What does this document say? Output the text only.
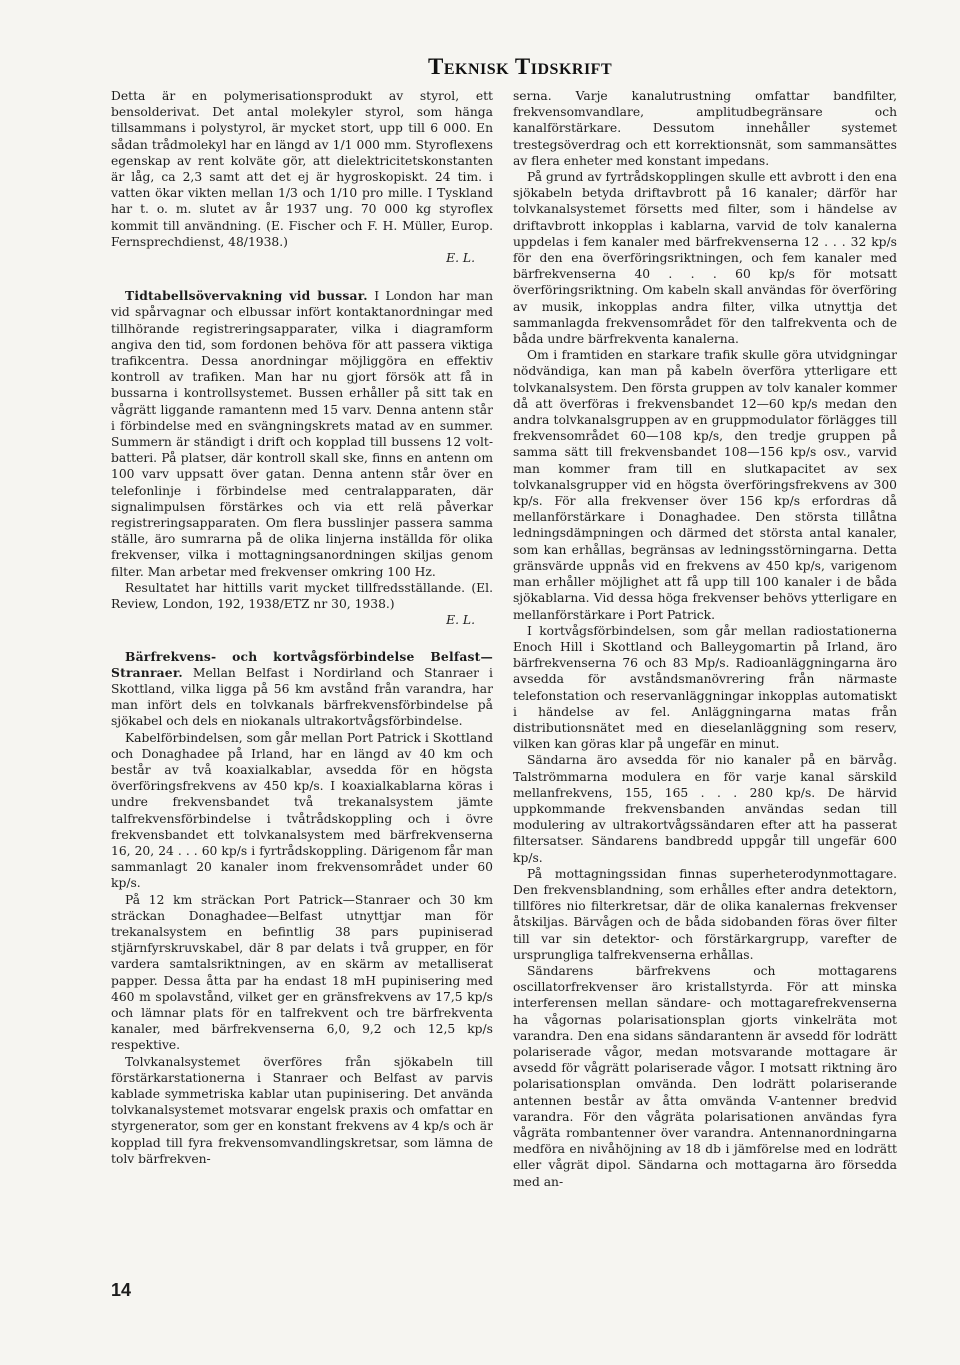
Teknisk Tidskrift

Detta är en polymerisationsprodukt av styrol, ett bensolderivat. Det antal molekyler styrol, som hänga tillsammans i polystyrol, är mycket stort, upp till 6 000. En sådan trådmolekyl har en längd av 1/1 000 mm. Styroflexens egenskap av rent kolväte gör, att dielektricitetskonstanten är låg, ca 2,3 samt att det ej är hygroskopiskt. 24 tim. i vatten ökar vikten mellan 1/3 och 1/10 pro mille. I Tyskland har t. o. m. slutet av år 1937 ung. 70 000 kg styroflex kommit till användning. (E. Fischer och F. H. Müller, Europ. Fernsprechdienst, 48/1938.)

E. L.

Tidtabellsövervakning vid bussar. I London har man vid spårvagnar och elbussar infört kontaktanordningar med tillhörande registreringsapparater, vilka i diagramform angiva den tid, som fordonen behöva för att passera viktiga trafikcentra. Dessa anordningar möjliggöra en effektiv kontroll av trafiken. Man har nu gjort försök att få in bussarna i kontrollsystemet. Bussen erhåller på sitt tak en vågrätt liggande ramantenn med 15 varv. Denna antenn står i förbindelse med en svängningskrets matad av en summer. Summern är ständigt i drift och kopplad till bussens 12 volt-batteri. På platser, där kontroll skall ske, finns en antenn om 100 varv uppsatt över gatan. Denna antenn står över en telefonlinje i förbindelse med centralapparaten, där signalimpulsen förstärkes och via ett relä påverkar registreringsapparaten. Om flera busslinjer passera samma ställe, äro sumrarna på de olika linjerna inställda för olika frekvenser, vilka i mottagningsanordningen skiljas genom filter. Man arbetar med frekvenser omkring 100 Hz.

Resultatet har hittills varit mycket tillfredsställande. (El. Review, London, 192, 1938/ETZ nr 30, 1938.)

E. L.

Bärfrekvens- och kortvågsförbindelse Belfast—Stranraer. Mellan Belfast i Nordirland och Stanraer i Skottland, vilka ligga på 56 km avstånd från varandra, har man infört dels en tolvkanals bärfrekvensförbindelse på sjökabel och dels en niokanals ultrakortvågsförbindelse.

Kabelförbindelsen, som går mellan Port Patrick i Skottland och Donaghadee på Irland, har en längd av 40 km och består av två koaxialkablar, avsedda för en högsta överföringsfrekvens av 450 kp/s. I koaxialkablarna köras i undre frekvensbandet två trekanalsystem jämte talfrekvensförbindelse i tvåtrådskoppling och i övre frekvensbandet ett tolvkanalsystem med bärfrekvenserna 16, 20, 24 . . . 60 kp/s i fyrtrådskoppling. Därigenom får man sammanlagt 20 kanaler inom frekvensområdet under 60 kp/s.

På 12 km sträckan Port Patrick—Stanraer och 30 km sträckan Donaghadee—Belfast utnyttjar man för trekanalsystem en befintlig 38 pars pupiniserad stjärnfyrskruvskabel, där 8 par delats i två grupper, en för vardera samtalsriktningen, av en skärm av metalliserat papper. Dessa åtta par ha endast 18 mH pupinisering med 460 m spolavstånd, vilket ger en gränsfrekvens av 17,5 kp/s och lämnar plats för en talfrekvent och tre bärfrekventa kanaler, med bärfrekvenserna 6,0, 9,2 och 12,5 kp/s respektive.

Tolvkanalsystemet överföres från sjökabeln till förstärkarstationerna i Stanraer och Belfast av parvis kablade symmetriska kablar utan pupinisering. Det använda tolvkanalsystemet motsvarar engelsk praxis och omfattar en styrgenerator, som ger en konstant frekvens av 4 kp/s och är kopplad till fyra frekvensomvandlingskretsar, som lämna de tolv bärfrekven-

serna. Varje kanalutrustning omfattar bandfilter, frekvensomvandlare, amplitudbegränsare och kanalförstärkare. Dessutom innehåller systemet trestegsöverdrag och ett korrektionsnät, som sammansättes av flera enheter med konstant impedans.

På grund av fyrtrådskopplingen skulle ett avbrott i den ena sjökabeln betyda driftavbrott på 16 kanaler; därför har tolvkanalsystemet försetts med filter, som i händelse av driftavbrott inkopplas i kablarna, varvid de tolv kanalerna uppdelas i fem kanaler med bärfrekvenserna 12 . . . 32 kp/s för den ena överföringsriktningen, och fem kanaler med bärfrekvenserna 40 . . . 60 kp/s för motsatt överföringsriktning. Om kabeln skall användas för överföring av musik, inkopplas andra filter, vilka utnyttja det sammanlagda frekvensområdet för den talfrekventa och de båda undre bärfrekventa kanalerna.

Om i framtiden en starkare trafik skulle göra utvidgningar nödvändiga, kan man på kabeln överföra ytterligare ett tolvkanalsystem. Den första gruppen av tolv kanaler kommer då att överföras i frekvensbandet 12—60 kp/s medan den andra tolvkanalsgruppen av en gruppmodulator förlägges till frekvensområdet 60—108 kp/s, den tredje gruppen på samma sätt till frekvensbandet 108—156 kp/s osv., varvid man kommer fram till en slutkapacitet av sex tolvkanalsgrupper vid en högsta överföringsfrekvens av 300 kp/s. För alla frekvenser över 156 kp/s erfordras då mellanförstärkare i Donaghadee. Den största tillåtna ledningsdämpningen och därmed det största antal kanaler, som kan erhållas, begränsas av ledningsstörningarna. Detta gränsvärde uppnås vid en frekvens av 450 kp/s, varigenom man erhåller möjlighet att få upp till 100 kanaler i de båda sjökablarna. Vid dessa höga frekvenser behövs ytterligare en mellanförstärkare i Port Patrick.

I kortvågsförbindelsen, som går mellan radiostationerna Enoch Hill i Skottland och Balleygomartin på Irland, äro bärfrekvenserna 76 och 83 Mp/s. Radioanläggningarna äro avsedda för avståndsmanövrering från närmaste telefonstation och reservanläggningar inkopplas automatiskt i händelse av fel. Anläggningarna matas från distributionsnätet med en dieselanläggning som reserv, vilken kan göras klar på ungefär en minut.

Sändarna äro avsedda för nio kanaler på en bärvåg. Talströmmarna modulera en för varje kanal särskild mellanfrekvens, 155, 165 . . . 280 kp/s. De härvid uppkommande frekvensbanden användas sedan till modulering av ultrakortvågssändaren efter att ha passerat filtersatser. Sändarens bandbredd uppgår till ungefär 600 kp/s.

På mottagningssidan finnas superheterodynmottagare. Den frekvensblandning, som erhålles efter andra detektorn, tillföres nio filterkretsar, där de olika kanalernas frekvenser åtskiljas. Bärvågen och de båda sidobanden föras över filter till var sin detektor- och förstärkargrupp, varefter de ursprungliga talfrekvenserna erhållas.

Sändarens bärfrekvens och mottagarens oscillatorfrekvenser äro kristallstyrda. För att minska interferensen mellan sändare- och mottagarefrekvenserna ha vågornas polarisationsplan gjorts vinkelräta mot varandra. Den ena sidans sändarantenn är avsedd för lodrätt polariserade vågor, medan motsvarande mottagare är avsedd för vågrätt polariserade vågor. I motsatt riktning äro polarisationsplan omvända. Den lodrätt polariserande antennen består av åtta omvända V-antenner bredvid varandra. För den vågräta polarisationen användas fyra vågräta rombantenner över varandra. Antennanordningarna medföra en nivåhöjning av 18 db i jämförelse med en lodrätt eller vågrät dipol. Sändarna och mottagarna äro försedda med an-

14
